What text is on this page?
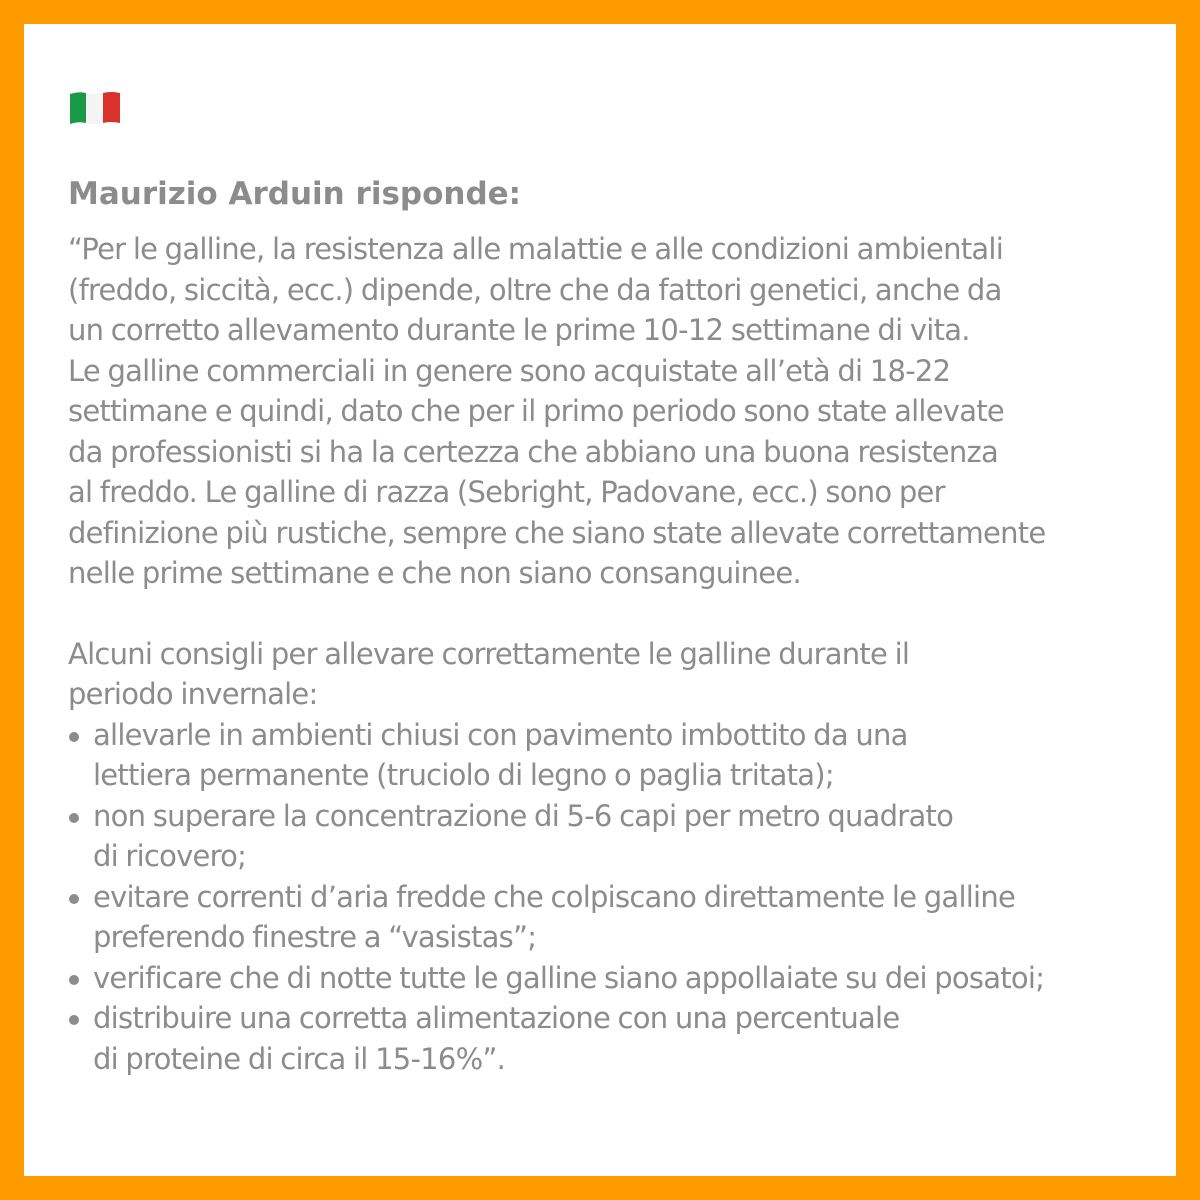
Maurizio Arduin risponde:

“Per le galline, la resistenza alle malattie e alle condizioni ambientali
(freddo, siccità, ecc.) dipende, oltre che da fattori genetici, anche da
un corretto allevamento durante le prime 10-12 settimane di vita.
Le galline commerciali in genere sono acquistate all’età di 18-22
settimane e quindi, dato che per il primo periodo sono state allevate
da professionisti si ha la certezza che abbiano una buona resistenza
al freddo. Le galline di razza (Sebright, Padovane, ecc.) sono per
definizione più rustiche, sempre che siano state allevate correttamente
nelle prime settimane e che non siano consanguinee.

Alcuni consigli per allevare correttamente le galline durante il
periodo invernale:

allevarle in ambienti chiusi con pavimento imbottito da una
lettiera permanente (truciolo di legno o paglia tritata);
non superare la concentrazione di 5-6 capi per metro quadrato
di ricovero;
evitare correnti d’aria fredde che colpiscano direttamente le galline
preferendo finestre a “vasistas”;
verificare che di notte tutte le galline siano appollaiate su dei posatoi;
distribuire una corretta alimentazione con una percentuale
di proteine di circa il 15-16%”.
